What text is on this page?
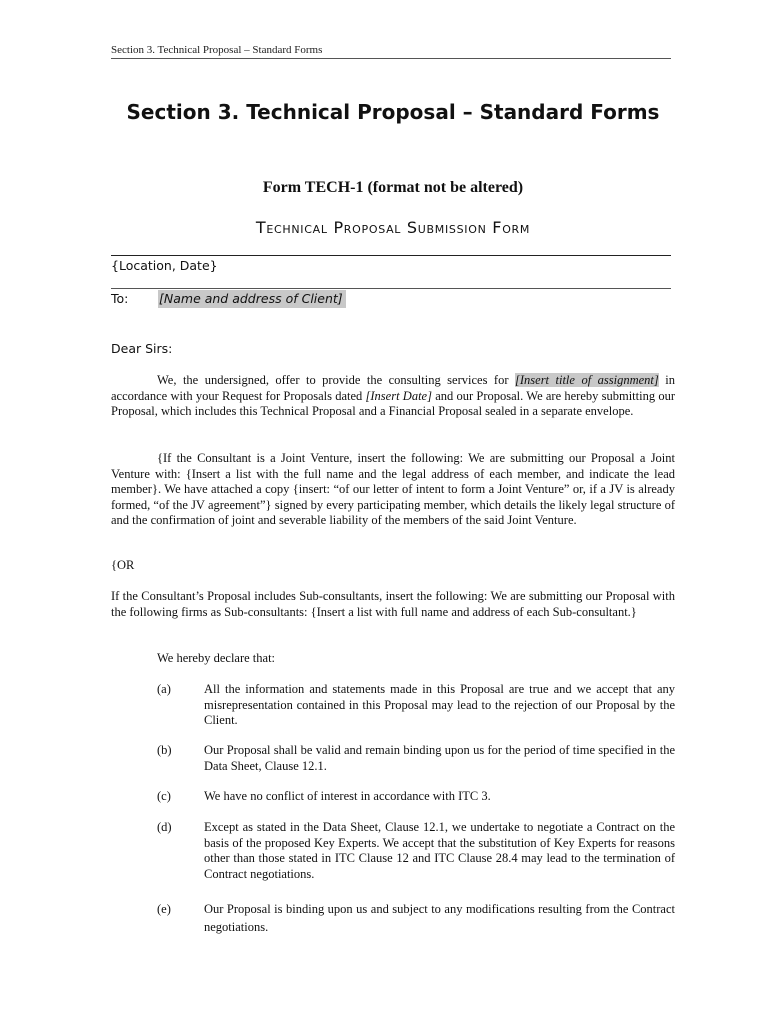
Section 3. Technical Proposal – Standard Forms
Section 3. Technical Proposal – Standard Forms
Form TECH-1 (format not be altered)
Technical Proposal Submission Form
{Location, Date}
To: [Name and address of Client]
Dear Sirs:
We, the undersigned, offer to provide the consulting services for [Insert title of assignment] in accordance with your Request for Proposals dated [Insert Date] and our Proposal. We are hereby submitting our Proposal, which includes this Technical Proposal and a Financial Proposal sealed in a separate envelope.
{If the Consultant is a Joint Venture, insert the following: We are submitting our Proposal a Joint Venture with: {Insert a list with the full name and the legal address of each member, and indicate the lead member}. We have attached a copy {insert: “of our letter of intent to form a Joint Venture” or, if a JV is already formed, “of the JV agreement”} signed by every participating member, which details the likely legal structure of and the confirmation of joint and severable liability of the members of the said Joint Venture.
{OR
If the Consultant’s Proposal includes Sub-consultants, insert the following: We are submitting our Proposal with the following firms as Sub-consultants: {Insert a list with full name and address of each Sub-consultant.}
We hereby declare that:
(a)	All the information and statements made in this Proposal are true and we accept that any misrepresentation contained in this Proposal may lead to the rejection of our Proposal by the Client.
(b)	Our Proposal shall be valid and remain binding upon us for the period of time specified in the Data Sheet, Clause 12.1.
(c)	We have no conflict of interest in accordance with ITC 3.
(d)	Except as stated in the Data Sheet, Clause 12.1, we undertake to negotiate a Contract on the basis of the proposed Key Experts. We accept that the substitution of Key Experts for reasons other than those stated in ITC Clause 12 and ITC Clause 28.4 may lead to the termination of Contract negotiations.
(e)	Our Proposal is binding upon us and subject to any modifications resulting from the Contract negotiations.
